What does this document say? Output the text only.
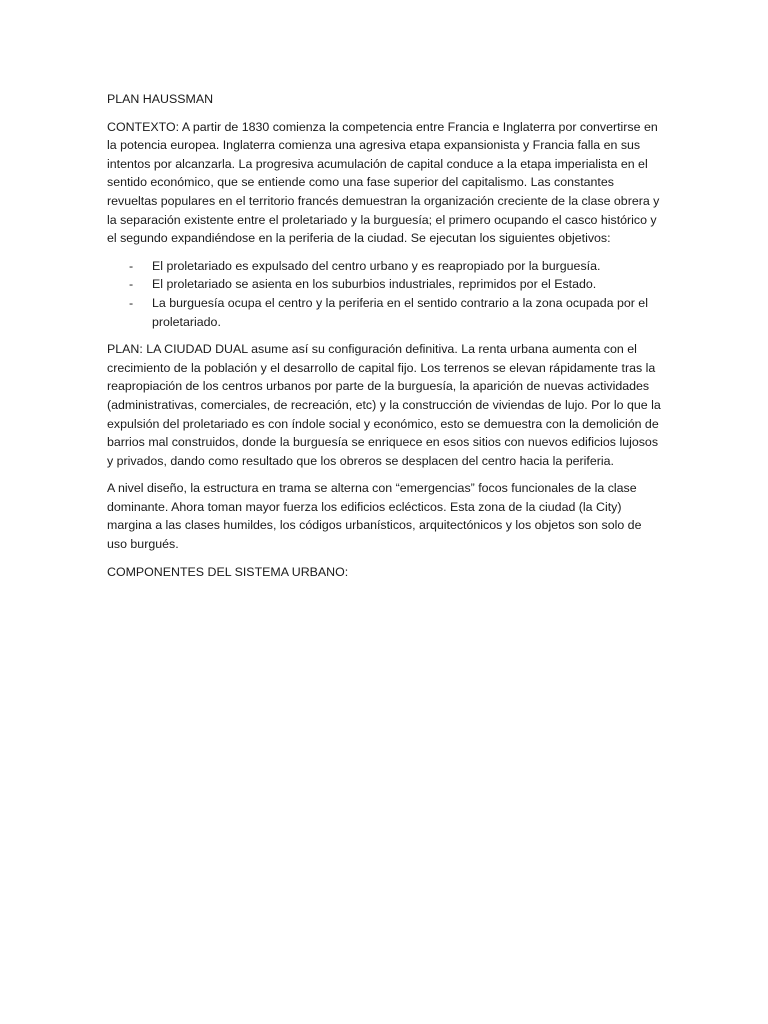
PLAN HAUSSMAN

CONTEXTO: A partir de 1830 comienza la competencia entre Francia e Inglaterra por convertirse en la potencia europea. Inglaterra comienza una agresiva etapa expansionista y Francia falla en sus intentos por alcanzarla. La progresiva acumulación de capital conduce a la etapa imperialista en el sentido económico, que se entiende como una fase superior del capitalismo. Las constantes revueltas populares en el territorio francés demuestran la organización creciente de la clase obrera y la separación existente entre el proletariado y la burguesía; el primero ocupando el casco histórico y el segundo expandiéndose en la periferia de la ciudad. Se ejecutan los siguientes objetivos:

- El proletariado es expulsado del centro urbano y es reapropiado por la burguesía.
- El proletariado se asienta en los suburbios industriales, reprimidos por el Estado.
- La burguesía ocupa el centro y la periferia en el sentido contrario a la zona ocupada por el proletariado.

PLAN: LA CIUDAD DUAL asume así su configuración definitiva. La renta urbana aumenta con el crecimiento de la población y el desarrollo de capital fijo. Los terrenos se elevan rápidamente tras la reapropiación de los centros urbanos por parte de la burguesía, la aparición de nuevas actividades (administrativas, comerciales, de recreación, etc) y la construcción de viviendas de lujo. Por lo que la expulsión del proletariado es con índole social y económico, esto se demuestra con la demolición de barrios mal construidos, donde la burguesía se enriquece en esos sitios con nuevos edificios lujosos y privados, dando como resultado que los obreros se desplacen del centro hacia la periferia.

A nivel diseño, la estructura en trama se alterna con “emergencias” focos funcionales de la clase dominante. Ahora toman mayor fuerza los edificios eclécticos. Esta zona de la ciudad (la City) margina a las clases humildes, los códigos urbanísticos, arquitectónicos y los objetos son solo de uso burgués.

COMPONENTES DEL SISTEMA URBANO:
